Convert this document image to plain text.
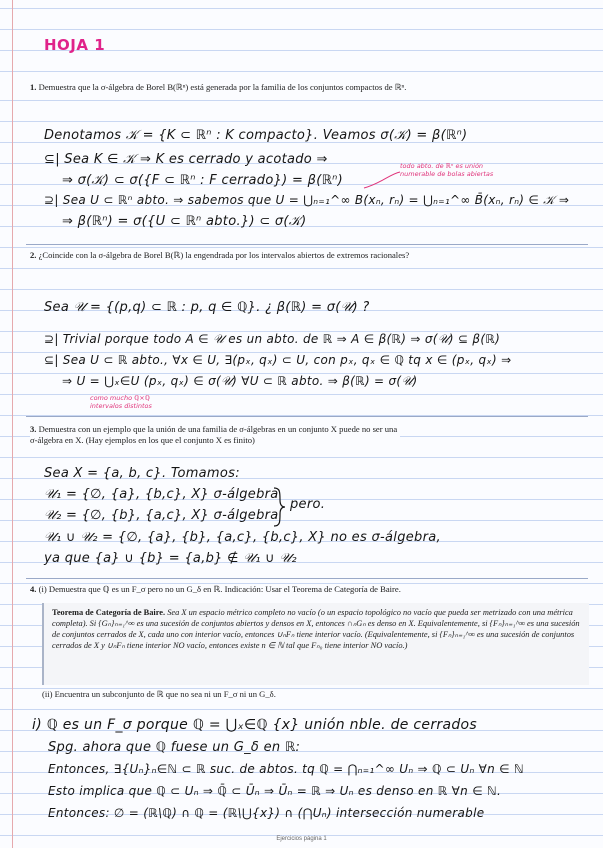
HOJA 1
1. Demuestra que la σ-álgebra de Borel B(ℝⁿ) está generada por la familia de los conjuntos compactos de ℝⁿ.
Denotamos 𝒦 = {K ⊂ ℝⁿ : K compacto}. Veamos σ(𝒦) = β(ℝⁿ)
⊆| Sea K ∈ 𝒦 ⇒ K es cerrado y acotado ⇒
⇒ σ(𝒦) ⊂ σ({F ⊂ ℝⁿ : F cerrado}) = β(ℝⁿ)
⊇| Sea U ⊂ ℝⁿ abto. ⇒ sabemos que U = ⋃ₙ₌₁^∞ B(xₙ, rₙ) = ⋃ₙ₌₁^∞ B̄(xₙ, rₙ) ∈ 𝒦 ⇒
⇒ β(ℝⁿ) = σ({U ⊂ ℝⁿ abto.}) ⊂ σ(𝒦)
todo abto. de ℝⁿ es unión numerable de bolas abiertas
2. ¿Coincide con la σ-álgebra de Borel B(ℝ) la engendrada por los intervalos abiertos de extremos racionales?
Sea 𝒰 = {(p,q) ⊂ ℝ : p, q ∈ ℚ}. ¿ β(ℝ) = σ(𝒰) ?
⊇| Trivial porque todo A ∈ 𝒰 es un abto. de ℝ ⇒ A ∈ β(ℝ) ⇒ σ(𝒰) ⊆ β(ℝ)
⊆| Sea U ⊂ ℝ abto., ∀x ∈ U, ∃(pₓ, qₓ) ⊂ U, con pₓ, qₓ ∈ ℚ tq x ∈ (pₓ, qₓ) ⇒
⇒ U = ⋃ₓ∈U (pₓ, qₓ) ∈ σ(𝒰) ∀U ⊂ ℝ abto. ⇒ β(ℝ) = σ(𝒰)
como mucho ℚ×ℚ intervalos distintos
3. Demuestra con un ejemplo que la unión de una familia de σ-álgebras en un conjunto X puede no ser una σ-álgebra en X. (Hay ejemplos en los que el conjunto X es finito)
Sea X = {a, b, c}. Tomamos:
𝒰₁ = {∅, {a}, {b,c}, X} σ-álgebra
𝒰₂ = {∅, {b}, {a,c}, X} σ-álgebra
𝒰₁ ∪ 𝒰₂ = {∅, {a}, {b}, {a,c}, {b,c}, X} no es σ-álgebra,
ya que {a} ∪ {b} = {a,b} ∉ 𝒰₁ ∪ 𝒰₂
pero.
4. (i) Demuestra que ℚ es un F_σ pero no un G_δ en ℝ. Indicación: Usar el Teorema de Categoría de Baire.
Teorema de Categoría de Baire. Sea X un espacio métrico completo no vacío (o un espacio topológico no vacío que pueda ser metrizado con una métrica completa). Si {Gₙ}ₙ₌₁^∞ es una sucesión de conjuntos abiertos y densos en X, entonces ∩ₙGₙ es denso en X. Equivalentemente, si {Fₙ}ₙ₌₁^∞ es una sucesión de conjuntos cerrados de X, cada uno con interior vacío, entonces ∪ₙFₙ tiene interior vacío. (Equivalentemente, si {Fₙ}ₙ₌₁^∞ es una sucesión de conjuntos cerrados de X y ∪ₙFₙ tiene interior NO vacío, entonces existe n ∈ ℕ tal que Fₙ₀ tiene interior NO vacío.)
(ii) Encuentra un subconjunto de ℝ que no sea ni un F_σ ni un G_δ.
i) ℚ es un F_σ porque ℚ = ⋃ₓ∈ℚ {x} unión nble. de cerrados
Spg. ahora que ℚ fuese un G_δ en ℝ:
Entonces, ∃{Uₙ}ₙ∈ℕ ⊂ ℝ suc. de abtos. tq ℚ = ⋂ₙ₌₁^∞ Uₙ ⇒ ℚ ⊂ Uₙ ∀n ∈ ℕ
Esto implica que ℚ ⊂ Uₙ ⇒ ℚ̄ ⊂ Ūₙ ⇒ Ūₙ = ℝ ⇒ Uₙ es denso en ℝ ∀n ∈ ℕ.
Entonces: ∅ = (ℝ\ℚ) ∩ ℚ = (ℝ\⋃{x}) ∩ (⋂Uₙ) intersección numerable
Ejercicios página 1
